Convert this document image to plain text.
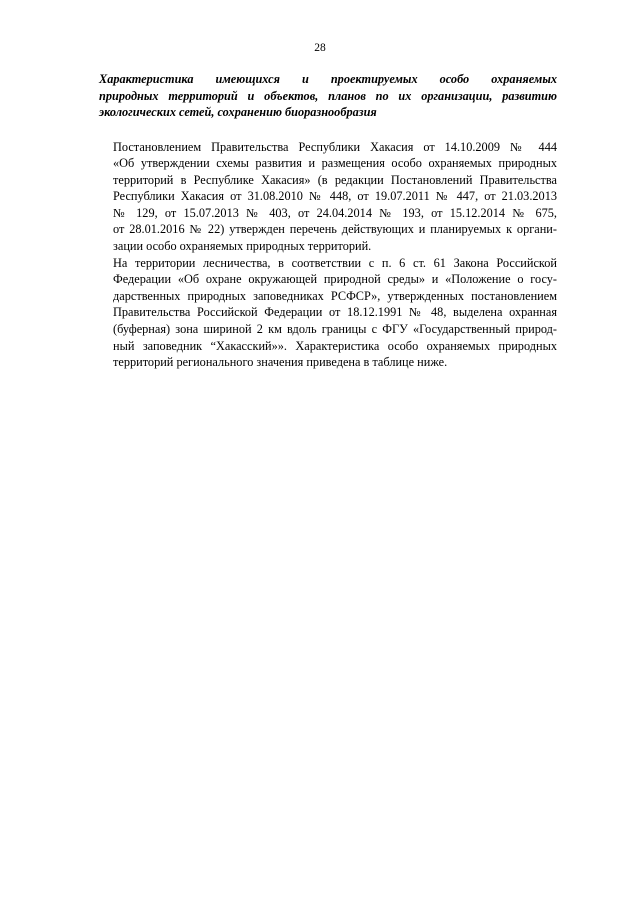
28
Характеристика имеющихся и проектируемых особо охраняемых
природных территорий и объектов, планов по их организации, развитию
экологических сетей, сохранению биоразнообразия
Постановлением Правительства Республики Хакасия от 14.10.2009 № 444
«Об утверждении схемы развития и размещения особо охраняемых природных
территорий в Республике Хакасия» (в редакции Постановлений Правительства
Республики Хакасия от 31.08.2010 № 448, от 19.07.2011 № 447, от 21.03.2013
№ 129, от 15.07.2013 № 403, от 24.04.2014 № 193, от 15.12.2014 № 675,
от 28.01.2016 № 22) утвержден перечень действующих и планируемых к органи-
зации особо охраняемых природных территорий.
На территории лесничества, в соответствии с п. 6 ст. 61 Закона Российской
Федерации «Об охране окружающей природной среды» и «Положение о госу-
дарственных природных заповедниках РСФСР», утвержденных постановлением
Правительства Российской Федерации от 18.12.1991 № 48, выделена охранная
(буферная) зона шириной 2 км вдоль границы с ФГУ «Государственный природ-
ный заповедник “Хакасский»». Характеристика особо охраняемых природных
территорий регионального значения приведена в таблице ниже.
